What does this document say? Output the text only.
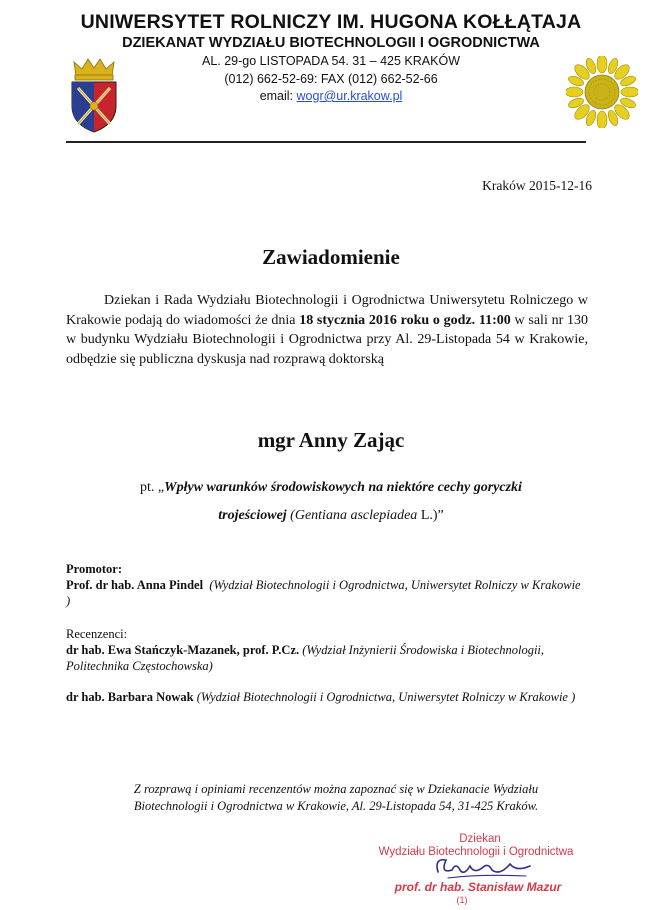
UNIWERSYTET ROLNICZY IM. HUGONA KOŁŁĄTAJA
DZIEKANAT WYDZIAŁU BIOTECHNOLOGII I OGRODNICTWA
AL. 29-go LISTOPADA 54. 31 – 425 KRAKÓW
(012) 662-52-69: FAX (012) 662-52-66
email: wogr@ur.krakow.pl
Kraków 2015-12-16
Zawiadomienie
Dziekan i Rada Wydziału Biotechnologii i Ogrodnictwa Uniwersytetu Rolniczego w Krakowie podają do wiadomości że dnia 18 stycznia 2016 roku o godz. 11:00 w sali nr 130 w budynku Wydziału Biotechnologii i Ogrodnictwa przy Al. 29-Listopada 54 w Krakowie, odbędzie się publiczna dyskusja nad rozprawą doktorską
mgr Anny Zając
pt. „Wpływ warunków środowiskowych na niektóre cechy goryczki
trojeściowej (Gentiana asclepiadea L.)”
Promotor:
Prof. dr hab. Anna Pindel (Wydział Biotechnologii i Ogrodnictwa, Uniwersytet Rolniczy w Krakowie )
Recenzenci:
dr hab. Ewa Stańczyk-Mazanek, prof. P.Cz. (Wydział Inżynierii Środowiska i Biotechnologii, Politechnika Częstochowska)
dr hab. Barbara Nowak (Wydział Biotechnologii i Ogrodnictwa, Uniwersytet Rolniczy w Krakowie )
Z rozprawą i opiniami recenzentów można zapoznać się w Dziekanacie Wydziału
Biotechnologii i Ogrodnictwa w Krakowie, Al. 29-Listopada 54, 31-425 Kraków.
Dziekan
Wydziału Biotechnologii i Ogrodnictwa
prof. dr hab. Stanisław Mazur
(1)
